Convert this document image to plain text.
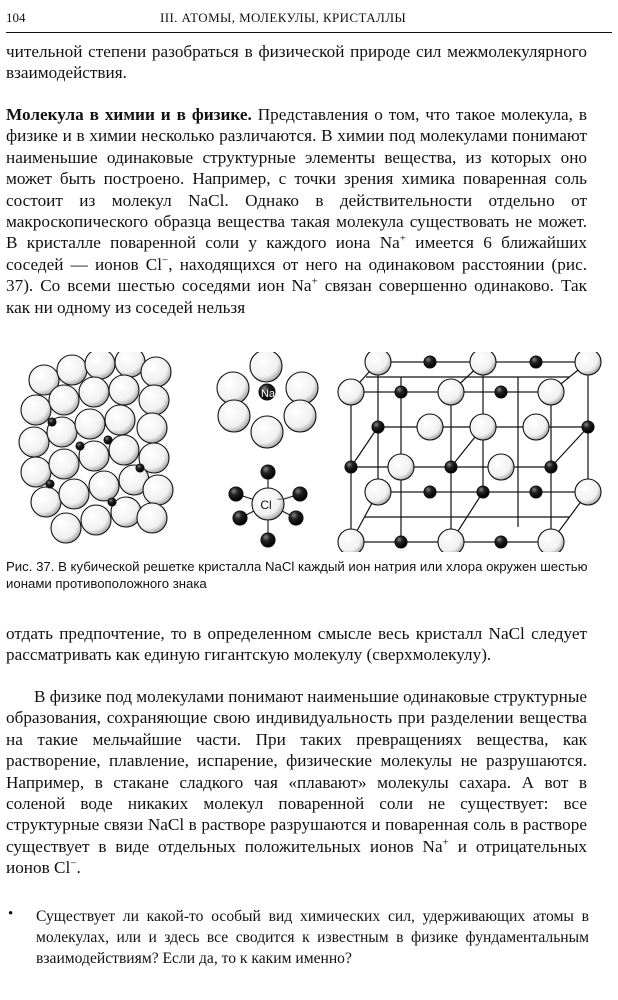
104	III. АТОМЫ, МОЛЕКУЛЫ, КРИСТАЛЛЫ
чительной степени разобраться в физической природе сил межмолекулярного взаимодействия.
Молекула в химии и в физике. Представления о том, что такое молекула, в физике и в химии несколько различаются. В химии под молекулами понимают наименьшие одинаковые структурные элементы вещества, из которых оно может быть построено. Например, с точки зрения химика поваренная соль состоит из молекул NaCl. Однако в действительности отдельно от макроскопического образца вещества такая молекула существовать не может. В кристалле поваренной соли у каждого иона Na+ имеется 6 ближайших соседей — ионов Cl−, находящихся от него на одинаковом расстоянии (рис. 37). Со всеми шестью соседями ион Na+ связан совершенно одинаково. Так как ни одному из соседей нельзя
Na
Cl −
Рис. 37. В кубической решетке кристалла NaCl каждый ион натрия или хлора окружен шестью ионами противоположного знака
отдать предпочтение, то в определенном смысле весь кристалл NaCl следует рассматривать как единую гигантскую молекулу (сверхмолекулу).
В физике под молекулами понимают наименьшие одинаковые структурные образования, сохраняющие свою индивидуальность при разделении вещества на такие мельчайшие части. При таких превращениях вещества, как растворение, плавление, испарение, физические молекулы не разрушаются. Например, в стакане сладкого чая «плавают» молекулы сахара. А вот в соленой воде никаких молекул поваренной соли не существует: все структурные связи NaCl в растворе разрушаются и поваренная соль в растворе существует в виде отдельных положительных ионов Na+ и отрицательных ионов Cl−.
• Существует ли какой-то особый вид химических сил, удерживающих атомы в молекулах, или и здесь все сводится к известным в физике фундаментальным взаимодействиям? Если да, то к каким именно?
